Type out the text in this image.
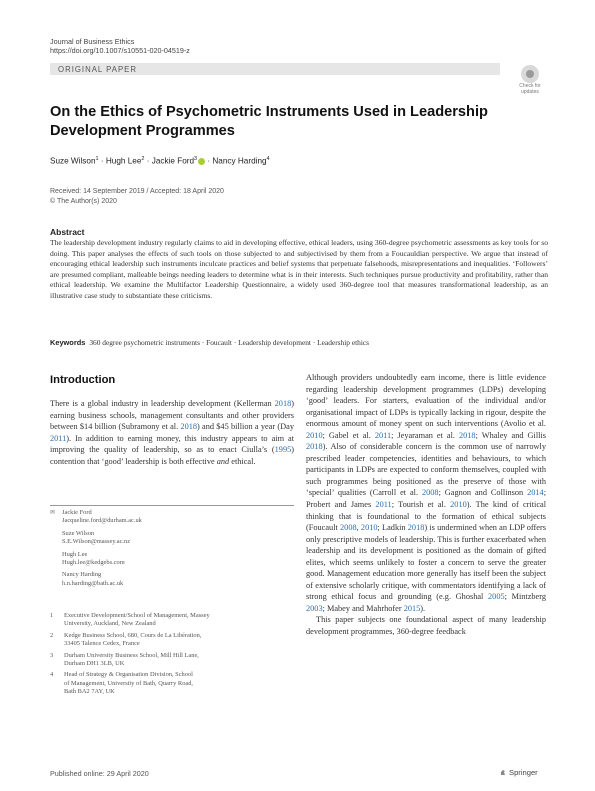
Journal of Business Ethics
https://doi.org/10.1007/s10551-020-04519-z
ORIGINAL PAPER
Check for
updates
On the Ethics of Psychometric Instruments Used in Leadership Development Programmes
Suze Wilson$^1$ · Hugh Lee$^2$ · Jackie Ford$^3$ · Nancy Harding$^4$
Received: 14 September 2019 / Accepted: 18 April 2020
© The Author(s) 2020
Abstract
The leadership development industry regularly claims to aid in developing effective, ethical leaders, using 360-degree psychometric assessments as key tools for so doing. This paper analyses the effects of such tools on those subjected to and subjectivised by them from a Foucauldian perspective. We argue that instead of encouraging ethical leadership such instruments inculcate practices and belief systems that perpetuate falsehoods, misrepresentations and inequalities. ‘Followers’ are presumed compliant, malleable beings needing leaders to determine what is in their interests. Such techniques pursue productivity and profitability, rather than ethical leadership. We examine the Multifactor Leadership Questionnaire, a widely used 360-degree tool that measures transformational leadership, as an illustrative case study to substantiate these criticisms.
Keywords 360 degree psychometric instruments · Foucault · Leadership development · Leadership ethics
Introduction

There is a global industry in leadership development (Kellerman 2018) earning business schools, management consultants and other providers between $14 billion (Subramony et al. 2018) and $45 billion a year (Day 2011). In addition to earning money, this industry appears to aim at improving the quality of leadership, so as to enact Ciulla’s (1995) contention that ‘good’ leadership is both effective and ethical.

✉	Jackie Ford
Jacqueline.ford@durham.ac.uk
Suze Wilson
S.E.Wilson@massey.ac.nz
Hugh Lee
Hugh.lee@kedgebs.com
Nancy Harding
h.n.harding@bath.ac.uk
1	Executive Development/School of Management, Massey
University, Auckland, New Zealand
2	Kedge Business School, 680, Cours de La Libération,
33405 Talence Cedex, France
3	Durham University Business School, Mill Hill Lane,
Durham DH1 3LB, UK
4	Head of Strategy & Organisation Division, School
of Management, University of Bath, Quarry Road,
Bath BA2 7AY, UK

Although providers undoubtedly earn income, there is little evidence regarding leadership development programmes (LDPs) developing ‘good’ leaders. For starters, evaluation of the individual and/or organisational impact of LDPs is typically lacking in rigour, despite the enormous amount of money spent on such interventions (Avolio et al. 2010; Gabel et al. 2011; Jeyaraman et al. 2018; Whaley and Gillis 2018). Also of considerable concern is the common use of narrowly prescribed leader competencies, identities and behaviours, to which participants in LDPs are expected to conform themselves, coupled with such programmes being positioned as the preserve of those with ‘special’ qualities (Carroll et al. 2008; Gagnon and Collinson 2014; Probert and James 2011; Tourish et al. 2010). The kind of critical thinking that is foundational to the formation of ethical subjects (Foucault 2008, 2010; Ladkin 2018) is undermined when an LDP offers only prescriptive models of leadership. This is further exacerbated when leadership and its development is positioned as the domain of gifted elites, which seems unlikely to foster a concern to serve the greater good. Management education more generally has itself been the subject of extensive scholarly critique, with commentators identifying a lack of strong ethical focus and grounding (e.g. Ghoshal 2005; Mintzberg 2003; Mabey and Mahrhofer 2015).

This paper subjects one foundational aspect of many leadership development programmes, 360-degree feedback

Published online: 29 April 2020	Springer
